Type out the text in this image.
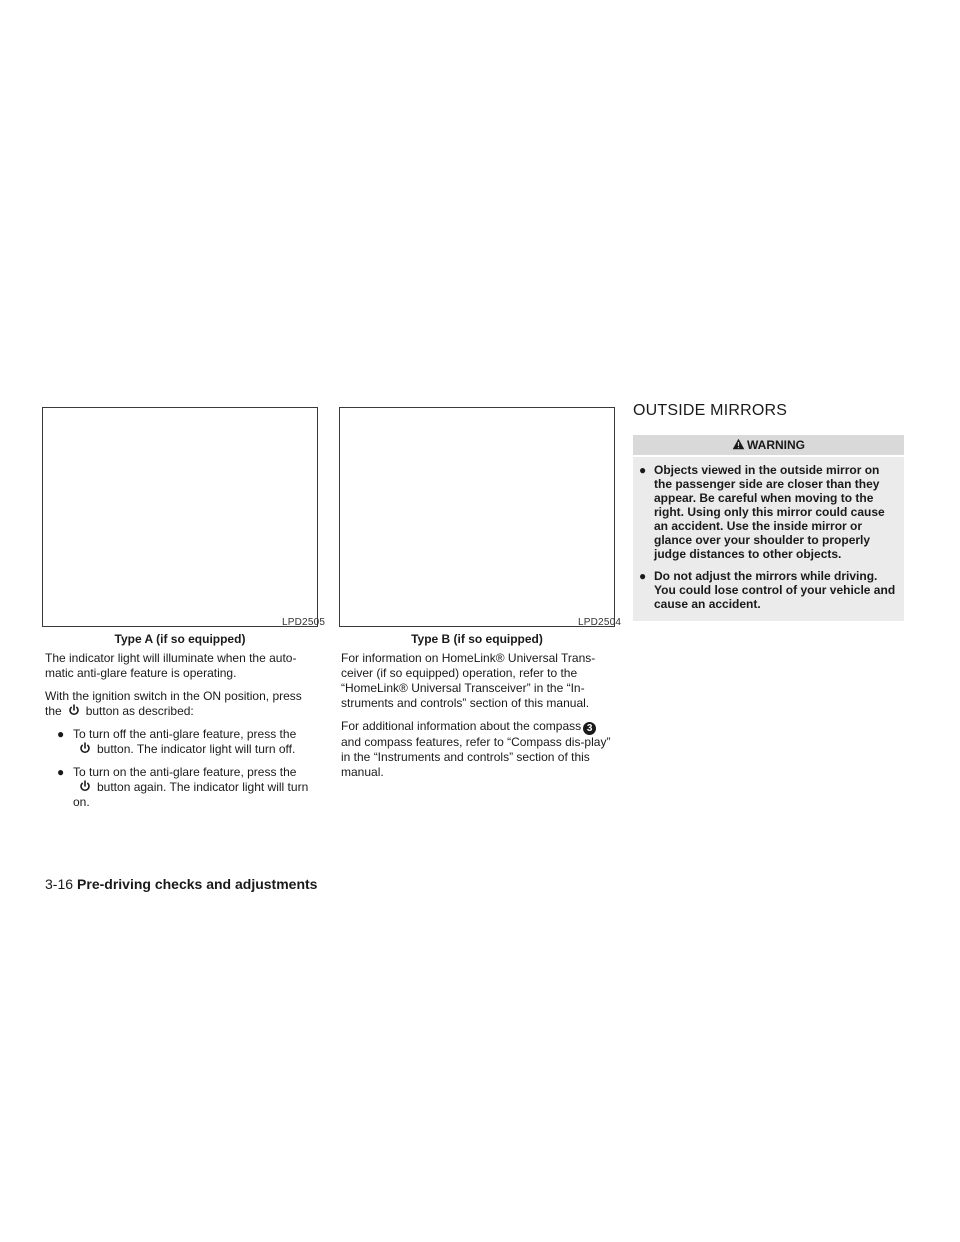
LPD2505
Type A (if so equipped)
LPD2504
Type B (if so equipped)

The indicator light will illuminate when the auto-matic anti-glare feature is operating.

With the ignition switch in the ON position, press the button as described:

● To turn off the anti-glare feature, press thebutton. The indicator light will turn off.
● To turn on the anti-glare feature, press thebutton again. The indicator light will turn on.

For information on HomeLink® Universal Trans-ceiver (if so equipped) operation, refer to the “HomeLink® Universal Transceiver” in the “In-struments and controls” section of this manual.

For additional information about the compass 3 and compass features, refer to “Compass dis-play” in the “Instruments and controls” section of this manual.

OUTSIDE MIRRORS
WARNING
● Objects viewed in the outside mirror on the passenger side are closer than they appear. Be careful when moving to the right. Using only this mirror could cause an accident. Use the inside mirror or glance over your shoulder to properly judge distances to other objects.
● Do not adjust the mirrors while driving. You could lose control of your vehicle and cause an accident.
3-16 Pre-driving checks and adjustments
